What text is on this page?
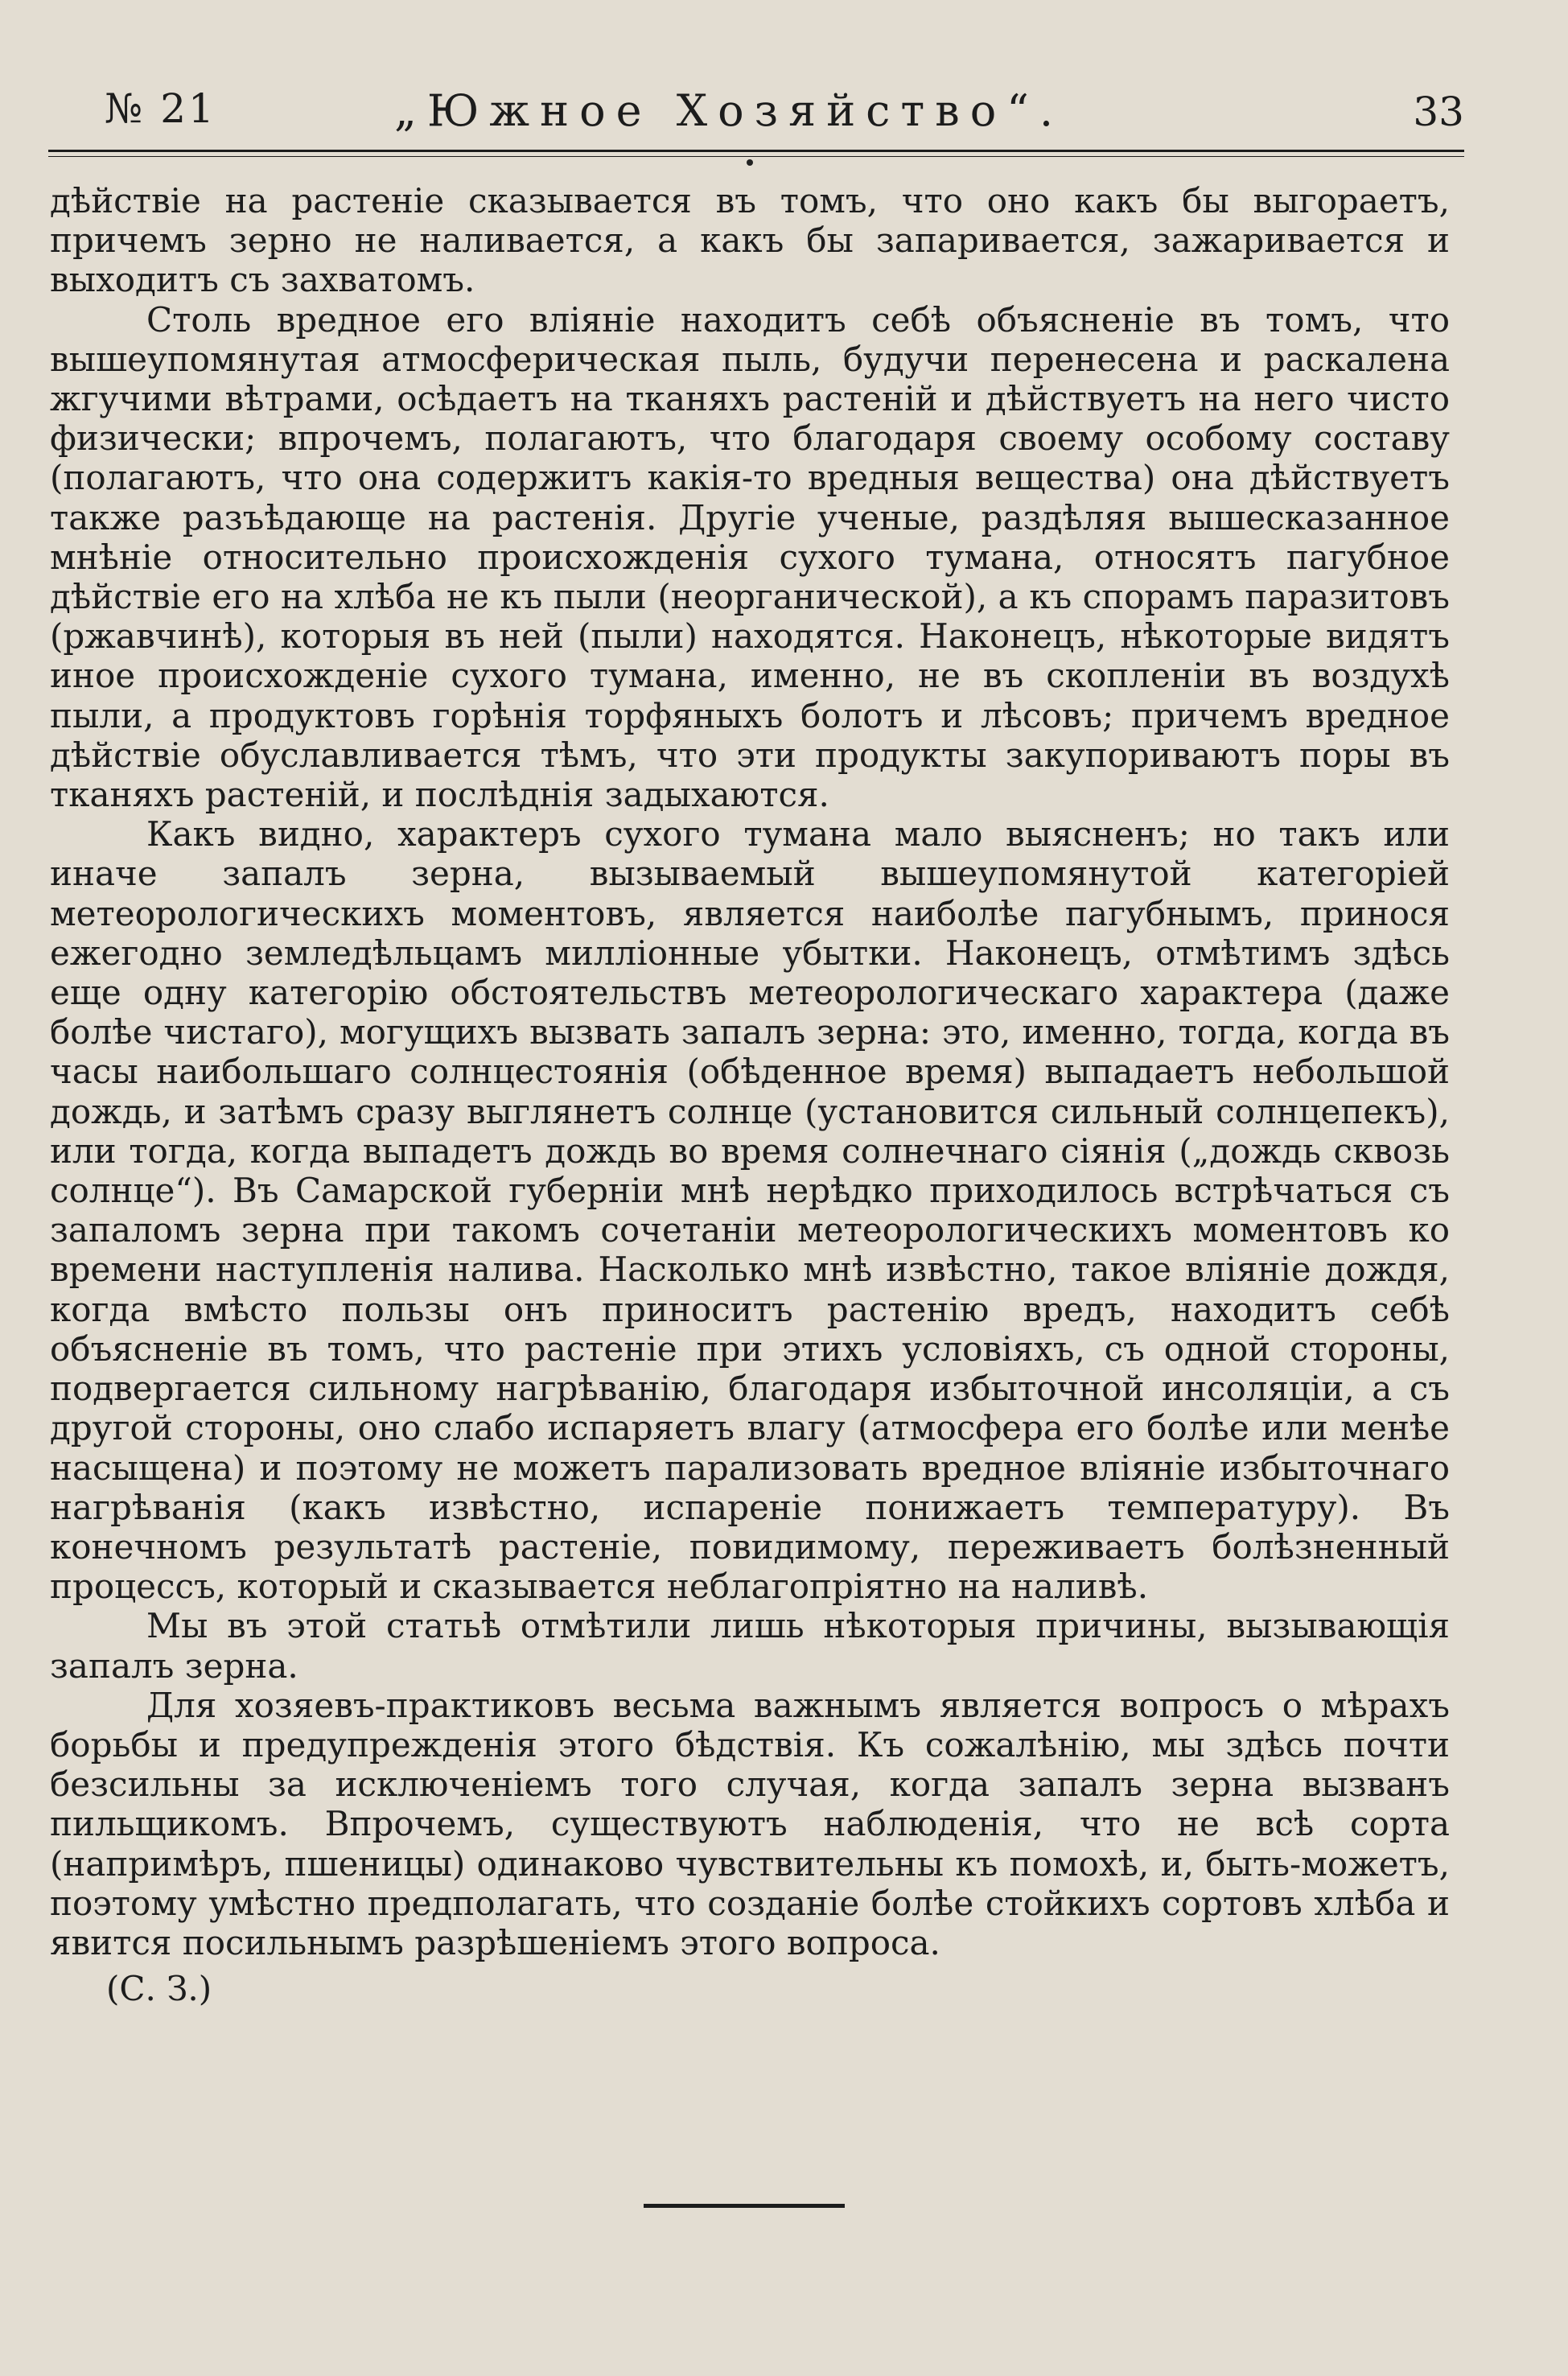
№ 21	„Южное Хозяйство“.	33

дѣйствіе на растеніе сказывается въ томъ, что оно какъ бы выгораетъ, причемъ зерно не наливается, а какъ бы запаривается, зажаривается и выходитъ съ захватомъ.

Столь вредное его вліяніе находитъ себѣ объясненіе въ томъ, что вышеупомянутая атмосферическая пыль, будучи перенесена и раскалена жгучими вѣтрами, осѣдаетъ на тканяхъ растеній и дѣйствуетъ на него чисто физически; впрочемъ, полагаютъ, что благодаря своему особому составу (полагаютъ, что она содержитъ какія-то вредныя вещества) она дѣйствуетъ также разъѣдающе на растенія. Другіе ученые, раздѣляя вышесказанное мнѣніе относительно происхожденія сухого тумана, относятъ пагубное дѣйствіе его на хлѣба не къ пыли (неорганической), а къ спорамъ паразитовъ (ржавчинѣ), которыя въ ней (пыли) находятся. Наконецъ, нѣкоторые видятъ иное происхожденіе сухого тумана, именно, не въ скопленіи въ воздухѣ пыли, а продуктовъ горѣнія торфяныхъ болотъ и лѣсовъ; причемъ вредное дѣйствіе обуславливается тѣмъ, что эти продукты закупориваютъ поры въ тканяхъ растеній, и послѣднія задыхаются.

Какъ видно, характеръ сухого тумана мало выясненъ; но такъ или иначе запалъ зерна, вызываемый вышеупомянутой категоріей метеорологическихъ моментовъ, является наиболѣе пагубнымъ, принося ежегодно земледѣльцамъ милліонные убытки. Наконецъ, отмѣтимъ здѣсь еще одну категорію обстоятельствъ метеорологическаго характера (даже болѣе чистаго), могущихъ вызвать запалъ зерна: это, именно, тогда, когда въ часы наибольшаго солнцестоянія (обѣденное время) выпадаетъ небольшой дождь, и затѣмъ сразу выглянетъ солнце (установится сильный солнцепекъ), или тогда, когда выпадетъ дождь во время солнечнаго сіянія („дождь сквозь солнце“). Въ Самарской губерніи мнѣ нерѣдко приходилось встрѣчаться съ запаломъ зерна при такомъ сочетаніи метеорологическихъ моментовъ ко времени наступленія налива. Насколько мнѣ извѣстно, такое вліяніе дождя, когда вмѣсто пользы онъ приноситъ растенію вредъ, находитъ себѣ объясненіе въ томъ, что растеніе при этихъ условіяхъ, съ одной стороны, подвергается сильному нагрѣванію, благодаря избыточной инсоляціи, а съ другой стороны, оно слабо испаряетъ влагу (атмосфера его болѣе или менѣе насыщена) и поэтому не можетъ парализовать вредное вліяніе избыточнаго нагрѣванія (какъ извѣстно, испареніе понижаетъ температуру). Въ конечномъ результатѣ растеніе, повидимому, переживаетъ болѣзненный процессъ, который и сказывается неблагопріятно на наливѣ.

Мы въ этой статьѣ отмѣтили лишь нѣкоторыя причины, вызывающія запалъ зерна.

Для хозяевъ-практиковъ весьма важнымъ является вопросъ о мѣрахъ борьбы и предупрежденія этого бѣдствія. Къ сожалѣнію, мы здѣсь почти безсильны за исключеніемъ того случая, когда запалъ зерна вызванъ пильщикомъ. Впрочемъ, существуютъ наблюденія, что не всѣ сорта (напримѣръ, пшеницы) одинаково чувствительны къ помохѣ, и, быть-можетъ, поэтому умѣстно предполагать, что созданіе болѣе стойкихъ сортовъ хлѣба и явится посильнымъ разрѣшеніемъ этого вопроса.

(С. З.)
